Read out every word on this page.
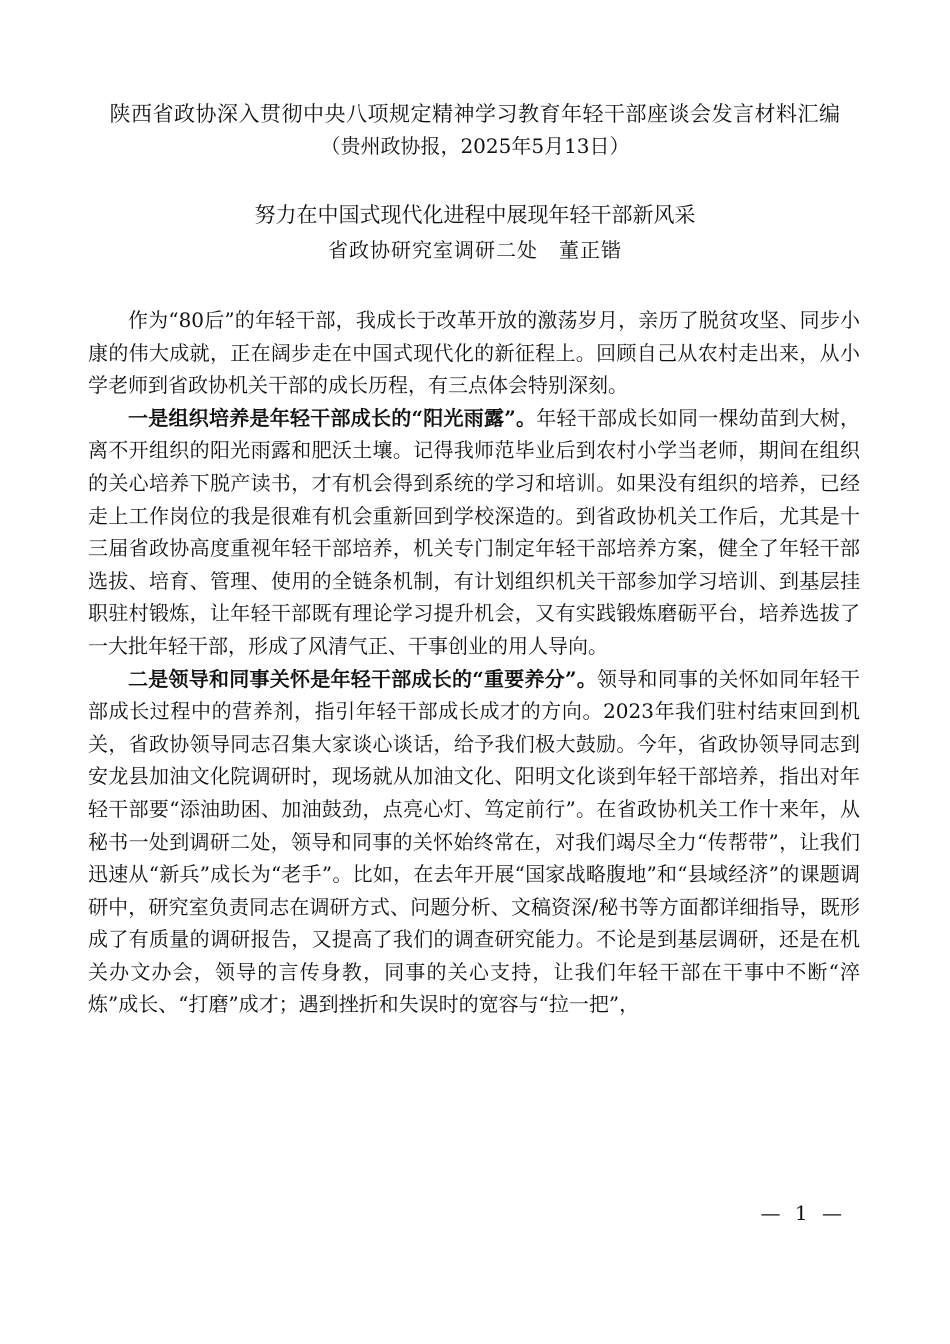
陕西省政协深入贯彻中央八项规定精神学习教育年轻干部座谈会发言材料汇编
（贵州政协报，2025年5月13日）
努力在中国式现代化进程中展现年轻干部新风采
省政协研究室调研二处　董正锴

作为“80后”的年轻干部，我成长于改革开放的激荡岁月，亲历了脱贫攻坚、同步小康的伟大成就，正在阔步走在中国式现代化的新征程上。回顾自己从农村走出来，从小学老师到省政协机关干部的成长历程，有三点体会特别深刻。

一是组织培养是年轻干部成长的“阳光雨露”。年轻干部成长如同一棵幼苗到大树，离不开组织的阳光雨露和肥沃土壤。记得我师范毕业后到农村小学当老师，期间在组织的关心培养下脱产读书，才有机会得到系统的学习和培训。如果没有组织的培养，已经走上工作岗位的我是很难有机会重新回到学校深造的。到省政协机关工作后，尤其是十三届省政协高度重视年轻干部培养，机关专门制定年轻干部培养方案，健全了年轻干部选拔、培育、管理、使用的全链条机制，有计划组织机关干部参加学习培训、到基层挂职驻村锻炼，让年轻干部既有理论学习提升机会，又有实践锻炼磨砺平台，培养选拔了一大批年轻干部，形成了风清气正、干事创业的用人导向。

二是领导和同事关怀是年轻干部成长的“重要养分”。领导和同事的关怀如同年轻干部成长过程中的营养剂，指引年轻干部成长成才的方向。2023年我们驻村结束回到机关，省政协领导同志召集大家谈心谈话，给予我们极大鼓励。今年，省政协领导同志到安龙县加油文化院调研时，现场就从加油文化、阳明文化谈到年轻干部培养，指出对年轻干部要“添油助困、加油鼓劲，点亮心灯、笃定前行”。在省政协机关工作十来年，从秘书一处到调研二处，领导和同事的关怀始终常在，对我们竭尽全力“传帮带”，让我们迅速从“新兵”成长为“老手”。比如，在去年开展“国家战略腹地”和“县域经济”的课题调研中，研究室负责同志在调研方式、问题分析、文稿资深/秘书等方面都详细指导，既形成了有质量的调研报告，又提高了我们的调查研究能力。不论是到基层调研，还是在机关办文办会，领导的言传身教，同事的关心支持，让我们年轻干部在干事中不断“淬炼”成长、“打磨”成才；遇到挫折和失误时的宽容与“拉一把”，

— 1 —
